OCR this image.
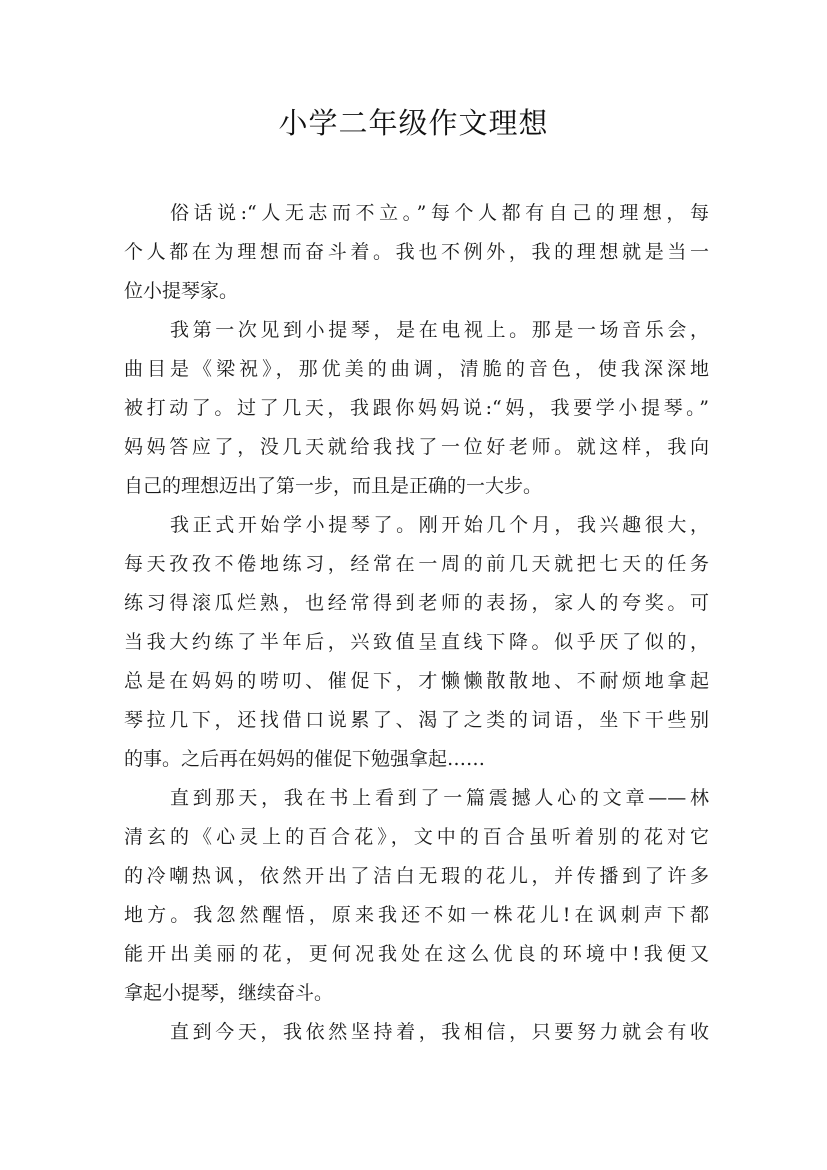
小学二年级作文理想
俗话说:“人无志而不立。”每个人都有自己的理想，每
个人都在为理想而奋斗着。我也不例外，我的理想就是当一
位小提琴家。
我第一次见到小提琴，是在电视上。那是一场音乐会，
曲目是《梁祝》，那优美的曲调，清脆的音色，使我深深地
被打动了。过了几天，我跟你妈妈说:“妈，我要学小提琴。”
妈妈答应了，没几天就给我找了一位好老师。就这样，我向
自己的理想迈出了第一步，而且是正确的一大步。
我正式开始学小提琴了。刚开始几个月，我兴趣很大，
每天孜孜不倦地练习，经常在一周的前几天就把七天的任务
练习得滚瓜烂熟，也经常得到老师的表扬，家人的夸奖。可
当我大约练了半年后，兴致值呈直线下降。似乎厌了似的，
总是在妈妈的唠叨、催促下，才懒懒散散地、不耐烦地拿起
琴拉几下，还找借口说累了、渴了之类的词语，坐下干些别
的事。之后再在妈妈的催促下勉强拿起……
直到那天，我在书上看到了一篇震撼人心的文章——林
清玄的《心灵上的百合花》，文中的百合虽听着别的花对它
的冷嘲热讽，依然开出了洁白无瑕的花儿，并传播到了许多
地方。我忽然醒悟，原来我还不如一株花儿!在讽刺声下都
能开出美丽的花，更何况我处在这么优良的环境中!我便又
拿起小提琴，继续奋斗。
直到今天，我依然坚持着，我相信，只要努力就会有收
